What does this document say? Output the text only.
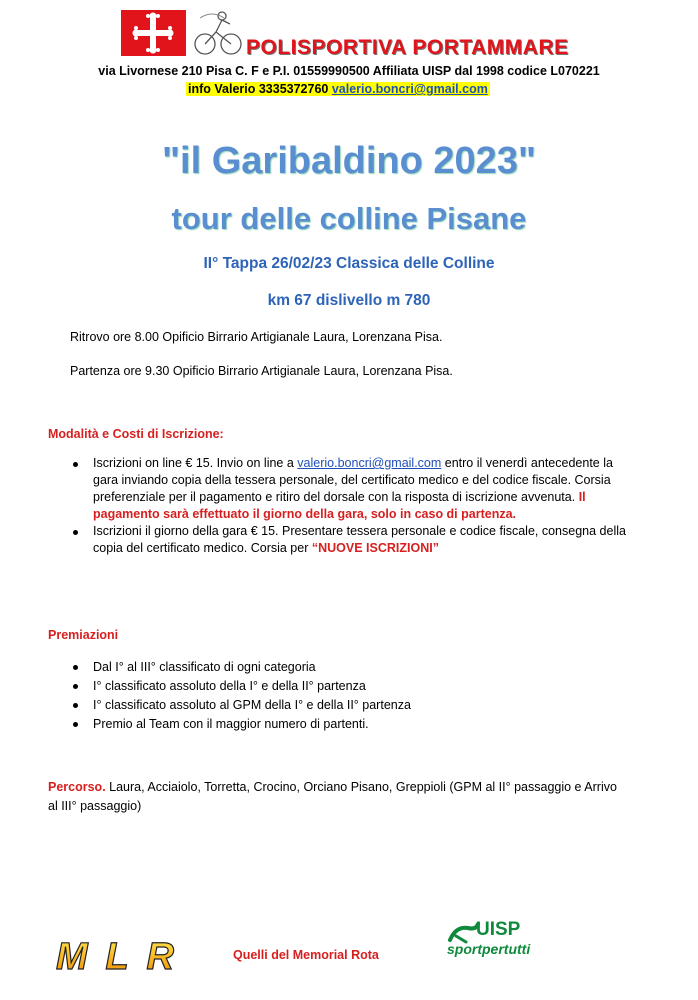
POLISPORTIVA PORTAMMARE
via Livornese 210 Pisa C. F e P.I. 01559990500 Affiliata UISP dal 1998 codice L070221
info Valerio 3335372760 valerio.boncri@gmail.com
"il Garibaldino 2023"
tour delle colline Pisane
II° Tappa 26/02/23 Classica delle Colline
km 67 dislivello m 780
Ritrovo ore 8.00 Opificio Birrario Artigianale Laura, Lorenzana Pisa.
Partenza ore 9.30 Opificio Birrario Artigianale Laura, Lorenzana Pisa.
Modalità e Costi di Iscrizione:
Iscrizioni on line € 15. Invio on line a valerio.boncri@gmail.com entro il venerdì antecedente la gara inviando copia della tessera personale, del certificato medico e del codice fiscale. Corsia preferenziale per il pagamento e ritiro del dorsale con la risposta di iscrizione avvenuta. Il pagamento sarà effettuato il giorno della gara, solo in caso di partenza.
Iscrizioni il giorno della gara € 15. Presentare tessera personale e codice fiscale, consegna della copia del certificato medico. Corsia per “NUOVE ISCRIZIONI”
Premiazioni
Dal I° al III° classificato di ogni categoria
I° classificato assoluto della I° e della II° partenza
I° classificato assoluto al GPM della I° e della II° partenza
Premio al Team con il maggior numero di partenti.
Percorso. Laura, Acciaiolo, Torretta, Crocino, Orciano Pisano, Greppioli (GPM al II° passaggio e Arrivo al III° passaggio)
MLR	Quelli del Memorial Rota
UISP
sportpertutti
